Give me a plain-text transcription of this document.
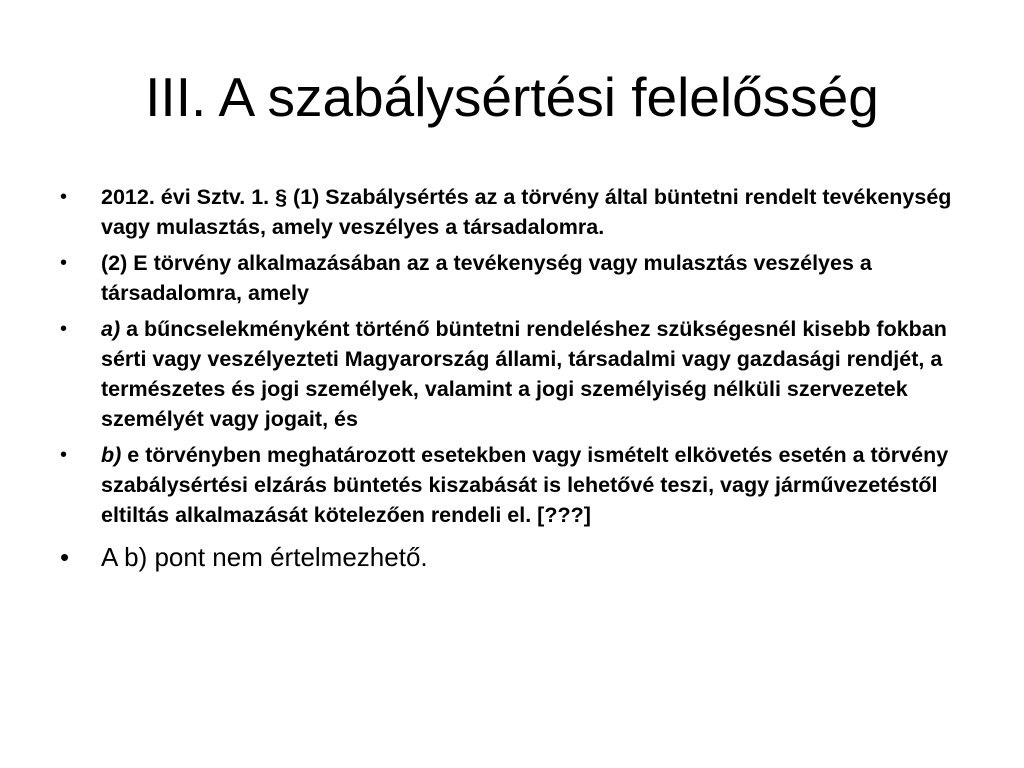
III. A szabálysértési felelősség
• 2012. évi Sztv. 1. § (1) Szabálysértés az a törvény által büntetni rendelt tevékenység vagy mulasztás, amely veszélyes a társadalomra.
• (2) E törvény alkalmazásában az a tevékenység vagy mulasztás veszélyes a társadalomra, amely
• a) a bűncselekményként történő büntetni rendeléshez szükségesnél kisebb fokban sérti vagy veszélyezteti Magyarország állami, társadalmi vagy gazdasági rendjét, a természetes és jogi személyek, valamint a jogi személyiség nélküli szervezetek személyét vagy jogait, és
• b) e törvényben meghatározott esetekben vagy ismételt elkövetés esetén a törvény szabálysértési elzárás büntetés kiszabását is lehetővé teszi, vagy járművezetéstől eltiltás alkalmazását kötelezően rendeli el. [???]
• A b) pont nem értelmezhető.
